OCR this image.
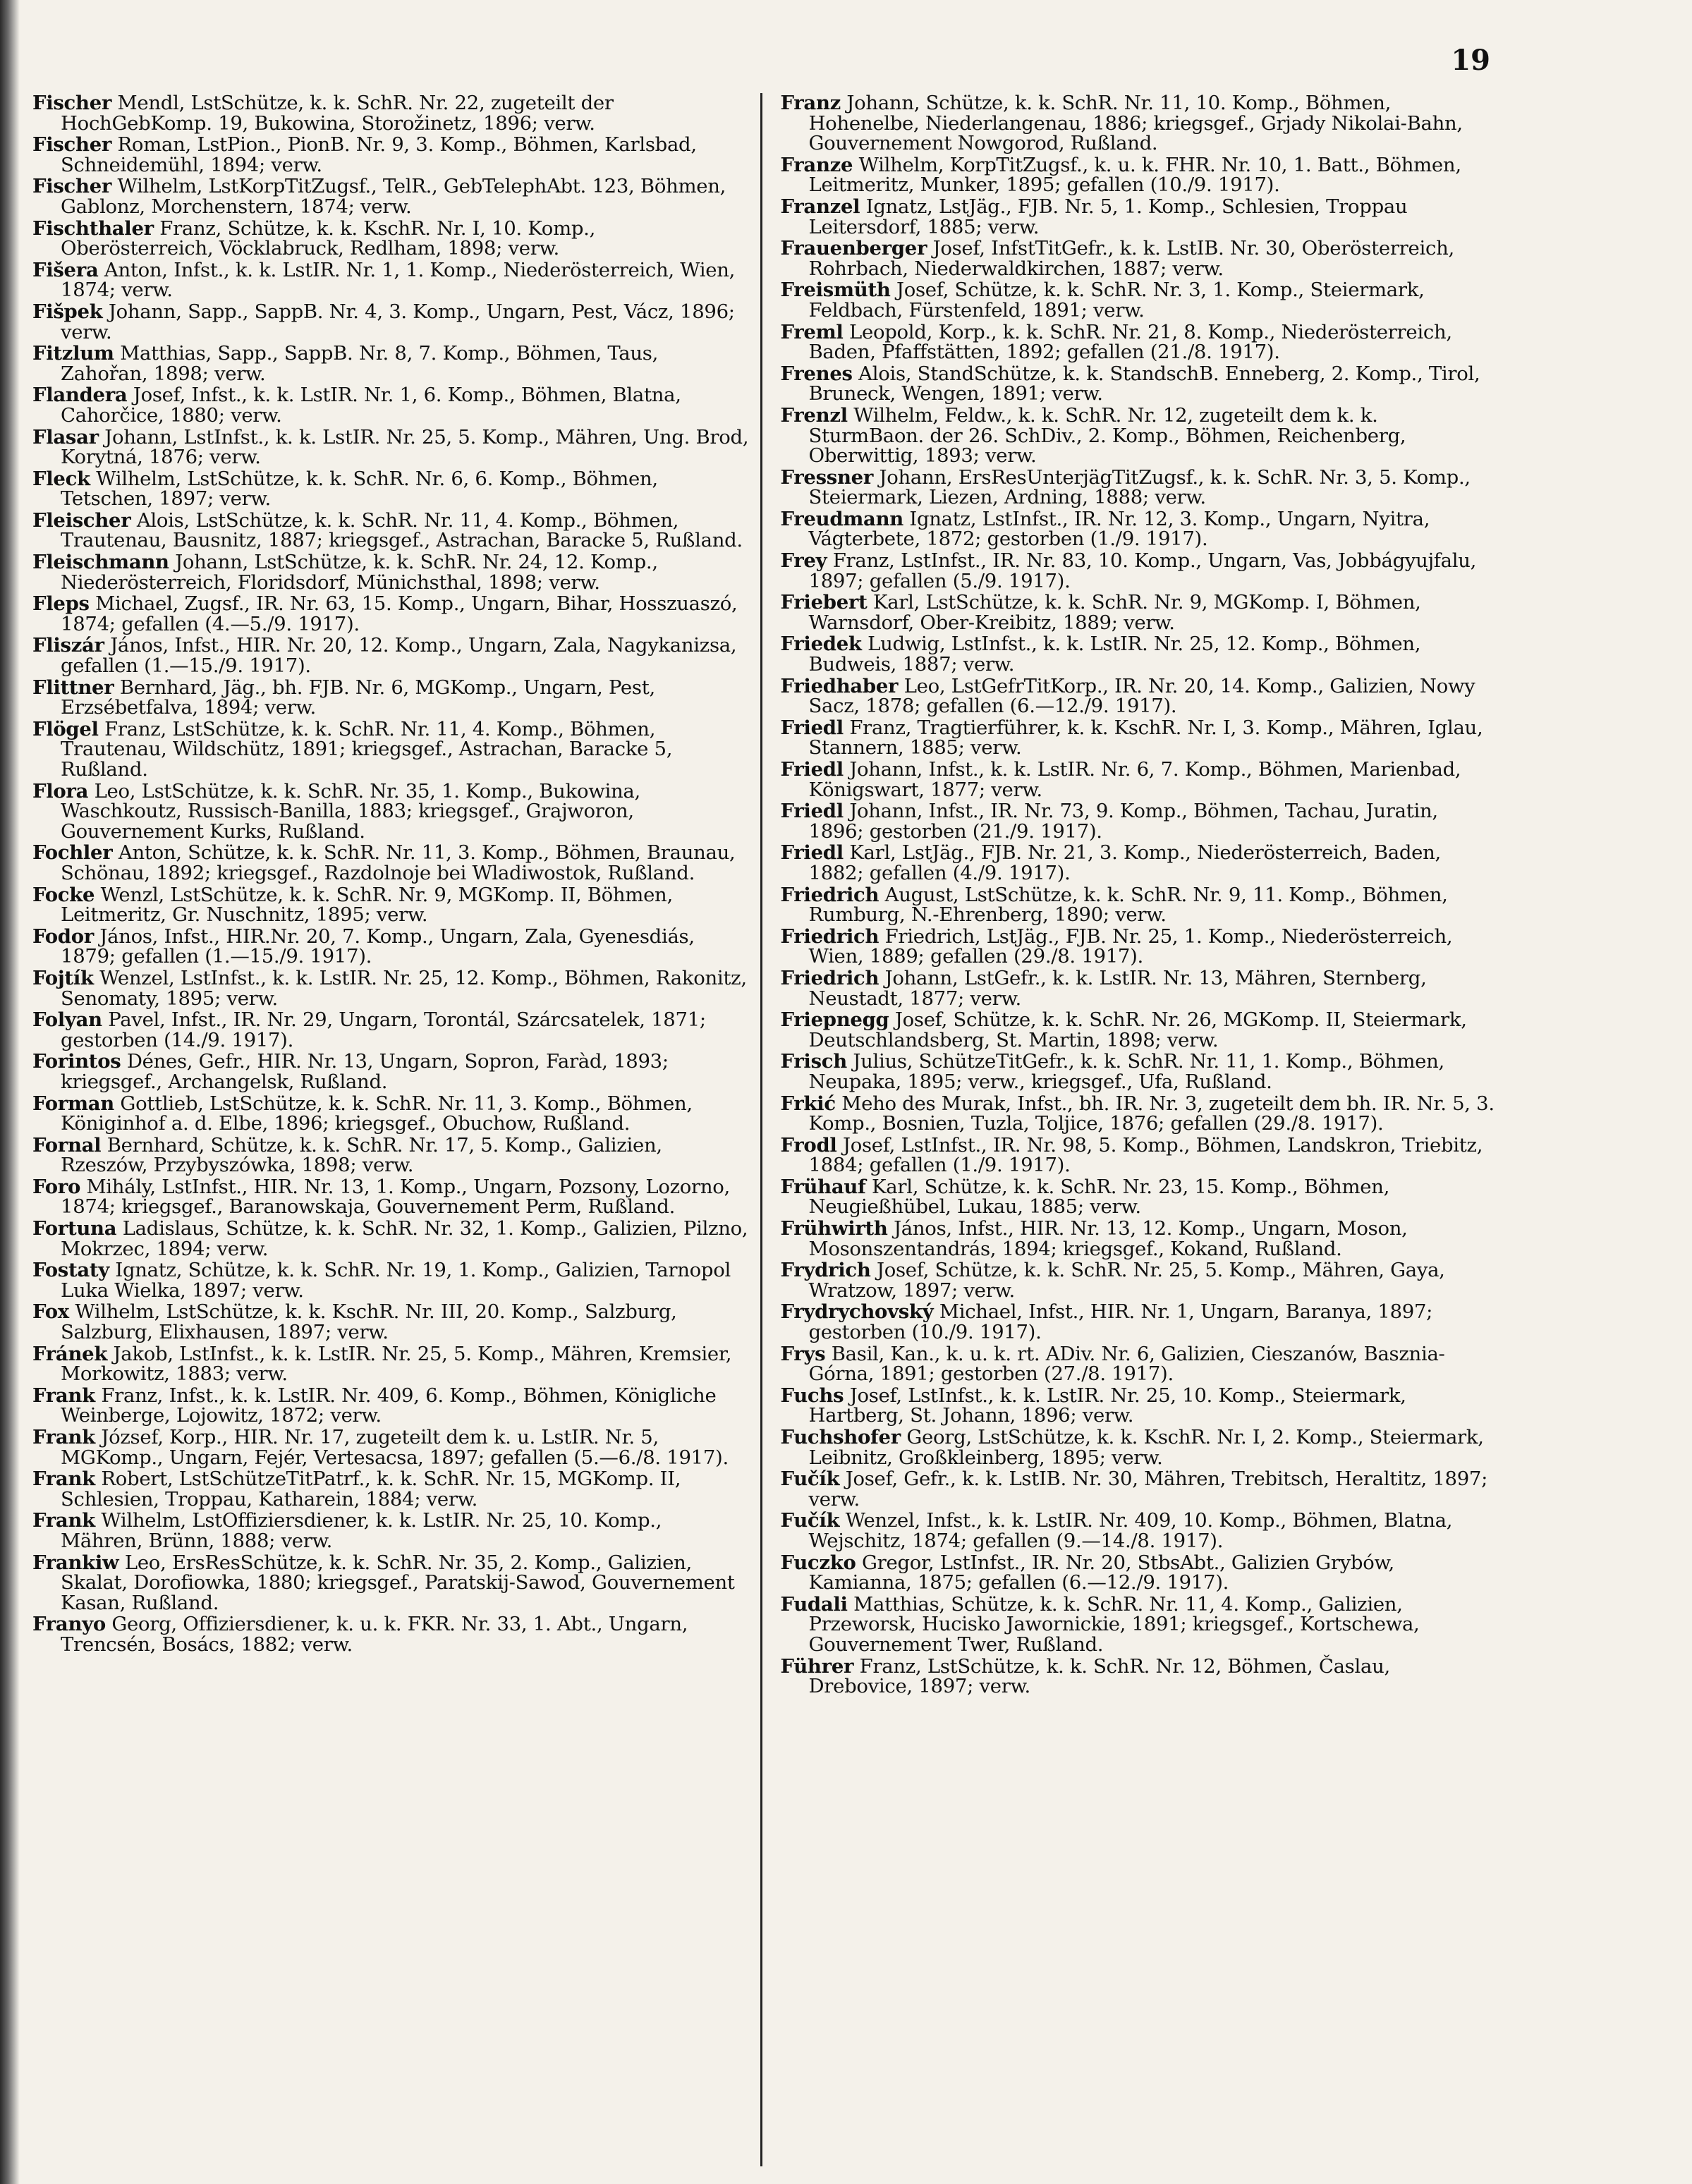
19

Fischer Mendl, LstSchütze, k. k. SchR. Nr. 22, zugeteilt der HochGebKomp. 19, Bukowina, Storožinetz, 1896; verw.

Fischer Roman, LstPion., PionB. Nr. 9, 3. Komp., Böhmen, Karlsbad, Schneidemühl, 1894; verw.

Fischer Wilhelm, LstKorpTitZugsf., TelR., GebTelephAbt. 123, Böhmen, Gablonz, Morchenstern, 1874; verw.

Fischthaler Franz, Schütze, k. k. KschR. Nr. I, 10. Komp., Oberösterreich, Vöcklabruck, Redlham, 1898; verw.

Fišera Anton, Infst., k. k. LstIR. Nr. 1, 1. Komp., Niederösterreich, Wien, 1874; verw.

Fišpek Johann, Sapp., SappB. Nr. 4, 3. Komp., Ungarn, Pest, Vácz, 1896; verw.

Fitzlum Matthias, Sapp., SappB. Nr. 8, 7. Komp., Böhmen, Taus, Zahořan, 1898; verw.

Flandera Josef, Infst., k. k. LstIR. Nr. 1, 6. Komp., Böhmen, Blatna, Cahorčice, 1880; verw.

Flasar Johann, LstInfst., k. k. LstIR. Nr. 25, 5. Komp., Mähren, Ung. Brod, Korytná, 1876; verw.

Fleck Wilhelm, LstSchütze, k. k. SchR. Nr. 6, 6. Komp., Böhmen, Tetschen, 1897; verw.

Fleischer Alois, LstSchütze, k. k. SchR. Nr. 11, 4. Komp., Böhmen, Trautenau, Bausnitz, 1887; kriegsgef., Astrachan, Baracke 5, Rußland.

Fleischmann Johann, LstSchütze, k. k. SchR. Nr. 24, 12. Komp., Niederösterreich, Floridsdorf, Münichsthal, 1898; verw.

Fleps Michael, Zugsf., IR. Nr. 63, 15. Komp., Ungarn, Bihar, Hosszuaszó, 1874; gefallen (4.—5./9. 1917).

Fliszár János, Infst., HIR. Nr. 20, 12. Komp., Ungarn, Zala, Nagykanizsa, gefallen (1.—15./9. 1917).

Flittner Bernhard, Jäg., bh. FJB. Nr. 6, MGKomp., Ungarn, Pest, Erzsébetfalva, 1894; verw.

Flögel Franz, LstSchütze, k. k. SchR. Nr. 11, 4. Komp., Böhmen, Trautenau, Wildschütz, 1891; kriegsgef., Astrachan, Baracke 5, Rußland.

Flora Leo, LstSchütze, k. k. SchR. Nr. 35, 1. Komp., Bukowina, Waschkoutz, Russisch-Banilla, 1883; kriegsgef., Grajworon, Gouvernement Kurks, Rußland.

Fochler Anton, Schütze, k. k. SchR. Nr. 11, 3. Komp., Böhmen, Braunau, Schönau, 1892; kriegsgef., Razdolnoje bei Wladiwostok, Rußland.

Focke Wenzl, LstSchütze, k. k. SchR. Nr. 9, MGKomp. II, Böhmen, Leitmeritz, Gr. Nuschnitz, 1895; verw.

Fodor János, Infst., HIR.Nr. 20, 7. Komp., Ungarn, Zala, Gyenesdiás, 1879; gefallen (1.—15./9. 1917).

Fojtík Wenzel, LstInfst., k. k. LstIR. Nr. 25, 12. Komp., Böhmen, Rakonitz, Senomaty, 1895; verw.

Folyan Pavel, Infst., IR. Nr. 29, Ungarn, Torontál, Szárcsatelek, 1871; gestorben (14./9. 1917).

Forintos Dénes, Gefr., HIR. Nr. 13, Ungarn, Sopron, Faràd, 1893; kriegsgef., Archangelsk, Rußland.

Forman Gottlieb, LstSchütze, k. k. SchR. Nr. 11, 3. Komp., Böhmen, Königinhof a. d. Elbe, 1896; kriegsgef., Obuchow, Rußland.

Fornal Bernhard, Schütze, k. k. SchR. Nr. 17, 5. Komp., Galizien, Rzeszów, Przybyszówka, 1898; verw.

Foro Mihály, LstInfst., HIR. Nr. 13, 1. Komp., Ungarn, Pozsony, Lozorno, 1874; kriegsgef., Baranowskaja, Gouvernement Perm, Rußland.

Fortuna Ladislaus, Schütze, k. k. SchR. Nr. 32, 1. Komp., Galizien, Pilzno, Mokrzec, 1894; verw.

Fostaty Ignatz, Schütze, k. k. SchR. Nr. 19, 1. Komp., Galizien, Tarnopol Luka Wielka, 1897; verw.

Fox Wilhelm, LstSchütze, k. k. KschR. Nr. III, 20. Komp., Salzburg, Salzburg, Elixhausen, 1897; verw.

Fránek Jakob, LstInfst., k. k. LstIR. Nr. 25, 5. Komp., Mähren, Kremsier, Morkowitz, 1883; verw.

Frank Franz, Infst., k. k. LstIR. Nr. 409, 6. Komp., Böhmen, Königliche Weinberge, Lojowitz, 1872; verw.

Frank József, Korp., HIR. Nr. 17, zugeteilt dem k. u. LstIR. Nr. 5, MGKomp., Ungarn, Fejér, Vertesacsa, 1897; gefallen (5.—6./8. 1917).

Frank Robert, LstSchützeTitPatrf., k. k. SchR. Nr. 15, MGKomp. II, Schlesien, Troppau, Katharein, 1884; verw.

Frank Wilhelm, LstOffiziersdiener, k. k. LstIR. Nr. 25, 10. Komp., Mähren, Brünn, 1888; verw.

Frankiw Leo, ErsResSchütze, k. k. SchR. Nr. 35, 2. Komp., Galizien, Skalat, Dorofiowka, 1880; kriegsgef., Paratskij-Sawod, Gouvernement Kasan, Rußland.

Franyo Georg, Offiziersdiener, k. u. k. FKR. Nr. 33, 1. Abt., Ungarn, Trencsén, Bosács, 1882; verw.

Franz Johann, Schütze, k. k. SchR. Nr. 11, 10. Komp., Böhmen, Hohenelbe, Niederlangenau, 1886; kriegsgef., Grjady Nikolai-Bahn, Gouvernement Nowgorod, Rußland.

Franze Wilhelm, KorpTitZugsf., k. u. k. FHR. Nr. 10, 1. Batt., Böhmen, Leitmeritz, Munker, 1895; gefallen (10./9. 1917).

Franzel Ignatz, LstJäg., FJB. Nr. 5, 1. Komp., Schlesien, Troppau Leitersdorf, 1885; verw.

Frauenberger Josef, InfstTitGefr., k. k. LstIB. Nr. 30, Oberösterreich, Rohrbach, Niederwaldkirchen, 1887; verw.

Freismüth Josef, Schütze, k. k. SchR. Nr. 3, 1. Komp., Steiermark, Feldbach, Fürstenfeld, 1891; verw.

Freml Leopold, Korp., k. k. SchR. Nr. 21, 8. Komp., Niederösterreich, Baden, Pfaffstätten, 1892; gefallen (21./8. 1917).

Frenes Alois, StandSchütze, k. k. StandschB. Enneberg, 2. Komp., Tirol, Bruneck, Wengen, 1891; verw.

Frenzl Wilhelm, Feldw., k. k. SchR. Nr. 12, zugeteilt dem k. k. SturmBaon. der 26. SchDiv., 2. Komp., Böhmen, Reichenberg, Oberwittig, 1893; verw.

Fressner Johann, ErsResUnterjägTitZugsf., k. k. SchR. Nr. 3, 5. Komp., Steiermark, Liezen, Ardning, 1888; verw.

Freudmann Ignatz, LstInfst., IR. Nr. 12, 3. Komp., Ungarn, Nyitra, Vágterbete, 1872; gestorben (1./9. 1917).

Frey Franz, LstInfst., IR. Nr. 83, 10. Komp., Ungarn, Vas, Jobbágyujfalu, 1897; gefallen (5./9. 1917).

Friebert Karl, LstSchütze, k. k. SchR. Nr. 9, MGKomp. I, Böhmen, Warnsdorf, Ober-Kreibitz, 1889; verw.

Friedek Ludwig, LstInfst., k. k. LstIR. Nr. 25, 12. Komp., Böhmen, Budweis, 1887; verw.

Friedhaber Leo, LstGefrTitKorp., IR. Nr. 20, 14. Komp., Galizien, Nowy Sacz, 1878; gefallen (6.—12./9. 1917).

Friedl Franz, Tragtierführer, k. k. KschR. Nr. I, 3. Komp., Mähren, Iglau, Stannern, 1885; verw.

Friedl Johann, Infst., k. k. LstIR. Nr. 6, 7. Komp., Böhmen, Marienbad, Königswart, 1877; verw.

Friedl Johann, Infst., IR. Nr. 73, 9. Komp., Böhmen, Tachau, Juratin, 1896; gestorben (21./9. 1917).

Friedl Karl, LstJäg., FJB. Nr. 21, 3. Komp., Niederösterreich, Baden, 1882; gefallen (4./9. 1917).

Friedrich August, LstSchütze, k. k. SchR. Nr. 9, 11. Komp., Böhmen, Rumburg, N.-Ehrenberg, 1890; verw.

Friedrich Friedrich, LstJäg., FJB. Nr. 25, 1. Komp., Niederösterreich, Wien, 1889; gefallen (29./8. 1917).

Friedrich Johann, LstGefr., k. k. LstIR. Nr. 13, Mähren, Sternberg, Neustadt, 1877; verw.

Friepnegg Josef, Schütze, k. k. SchR. Nr. 26, MGKomp. II, Steiermark, Deutschlandsberg, St. Martin, 1898; verw.

Frisch Julius, SchützeTitGefr., k. k. SchR. Nr. 11, 1. Komp., Böhmen, Neupaka, 1895; verw., kriegsgef., Ufa, Rußland.

Frkić Meho des Murak, Infst., bh. IR. Nr. 3, zugeteilt dem bh. IR. Nr. 5, 3. Komp., Bosnien, Tuzla, Toljice, 1876; gefallen (29./8. 1917).

Frodl Josef, LstInfst., IR. Nr. 98, 5. Komp., Böhmen, Landskron, Triebitz, 1884; gefallen (1./9. 1917).

Frühauf Karl, Schütze, k. k. SchR. Nr. 23, 15. Komp., Böhmen, Neugießhübel, Lukau, 1885; verw.

Frühwirth János, Infst., HIR. Nr. 13, 12. Komp., Ungarn, Moson, Mosonszentandrás, 1894; kriegsgef., Kokand, Rußland.

Frydrich Josef, Schütze, k. k. SchR. Nr. 25, 5. Komp., Mähren, Gaya, Wratzow, 1897; verw.

Frydrychovský Michael, Infst., HIR. Nr. 1, Ungarn, Baranya, 1897; gestorben (10./9. 1917).

Frys Basil, Kan., k. u. k. rt. ADiv. Nr. 6, Galizien, Cieszanów, Basznia-Górna, 1891; gestorben (27./8. 1917).

Fuchs Josef, LstInfst., k. k. LstIR. Nr. 25, 10. Komp., Steiermark, Hartberg, St. Johann, 1896; verw.

Fuchshofer Georg, LstSchütze, k. k. KschR. Nr. I, 2. Komp., Steiermark, Leibnitz, Großkleinberg, 1895; verw.

Fučík Josef, Gefr., k. k. LstIB. Nr. 30, Mähren, Trebitsch, Heraltitz, 1897; verw.

Fučík Wenzel, Infst., k. k. LstIR. Nr. 409, 10. Komp., Böhmen, Blatna, Wejschitz, 1874; gefallen (9.—14./8. 1917).

Fuczko Gregor, LstInfst., IR. Nr. 20, StbsAbt., Galizien Grybów, Kamianna, 1875; gefallen (6.—12./9. 1917).

Fudali Matthias, Schütze, k. k. SchR. Nr. 11, 4. Komp., Galizien, Przeworsk, Hucisko Jawornickie, 1891; kriegsgef., Kortschewa, Gouvernement Twer, Rußland.

Führer Franz, LstSchütze, k. k. SchR. Nr. 12, Böhmen, Časlau, Drebovice, 1897; verw.
